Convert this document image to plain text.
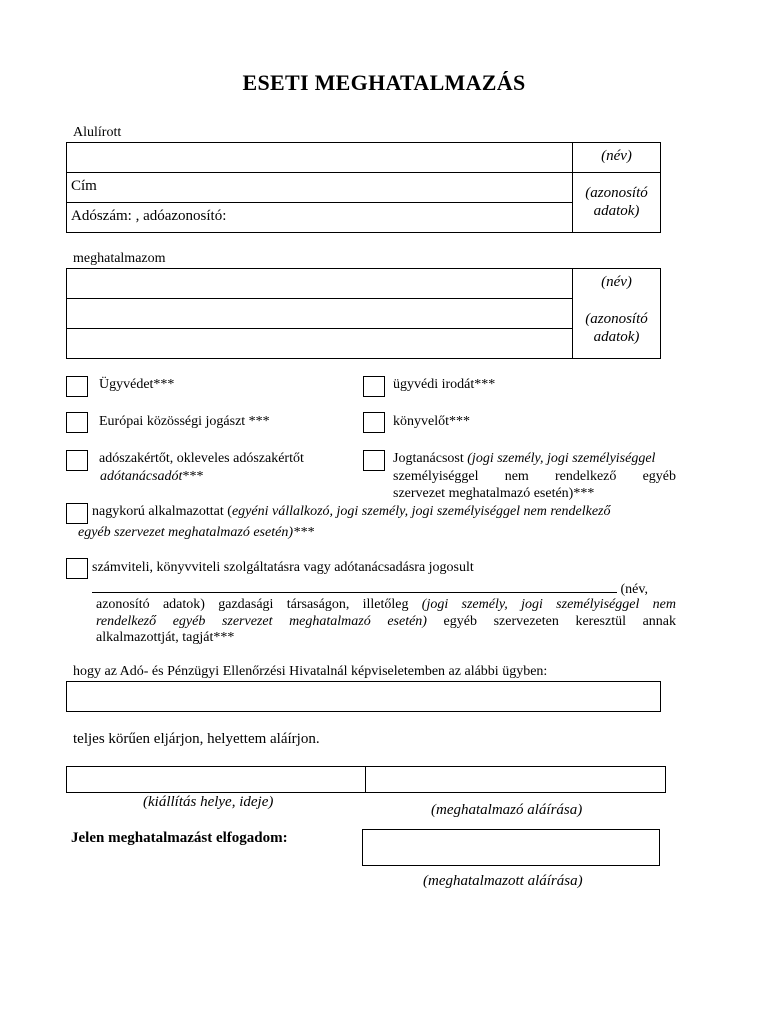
ESETI MEGHATALMAZÁS
Alulírott
Cím
Adószám: , adóazonosító:
(név)
(azonosító
adatok)
meghatalmazom
(név)
(azonosító
adatok)
Ügyvédet***	ügyvédi irodát***
Európai közösségi jogászt ***	könyvelőt***
adószakértőt, okleveles adószakértőt
adótanácsadót***
Jogtanácsost (jogi személy, jogi személyiséggel
személyiséggel nem rendelkező egyéb
szervezet meghatalmazó esetén)***
nagykorú alkalmazottat (egyéni vállalkozó, jogi személy, jogi személyiséggel nem rendelkező
egyéb szervezet meghatalmazó esetén)***
számviteli, könyvviteli szolgáltatásra vagy adótanácsadásra jogosult
(név,
azonosító adatok) gazdasági társaságon, illetőleg (jogi személy, jogi személyiséggel nem
rendelkező egyéb szervezet meghatalmazó esetén) egyéb szervezeten keresztül annak
alkalmazottját, tagját***
hogy az Adó- és Pénzügyi Ellenőrzési Hivatalnál képviseletemben az alábbi ügyben:
teljes körűen eljárjon, helyettem aláírjon.
(kiállítás helye, ideje)	(meghatalmazó aláírása)
Jelen meghatalmazást elfogadom:
(meghatalmazott aláírása)
